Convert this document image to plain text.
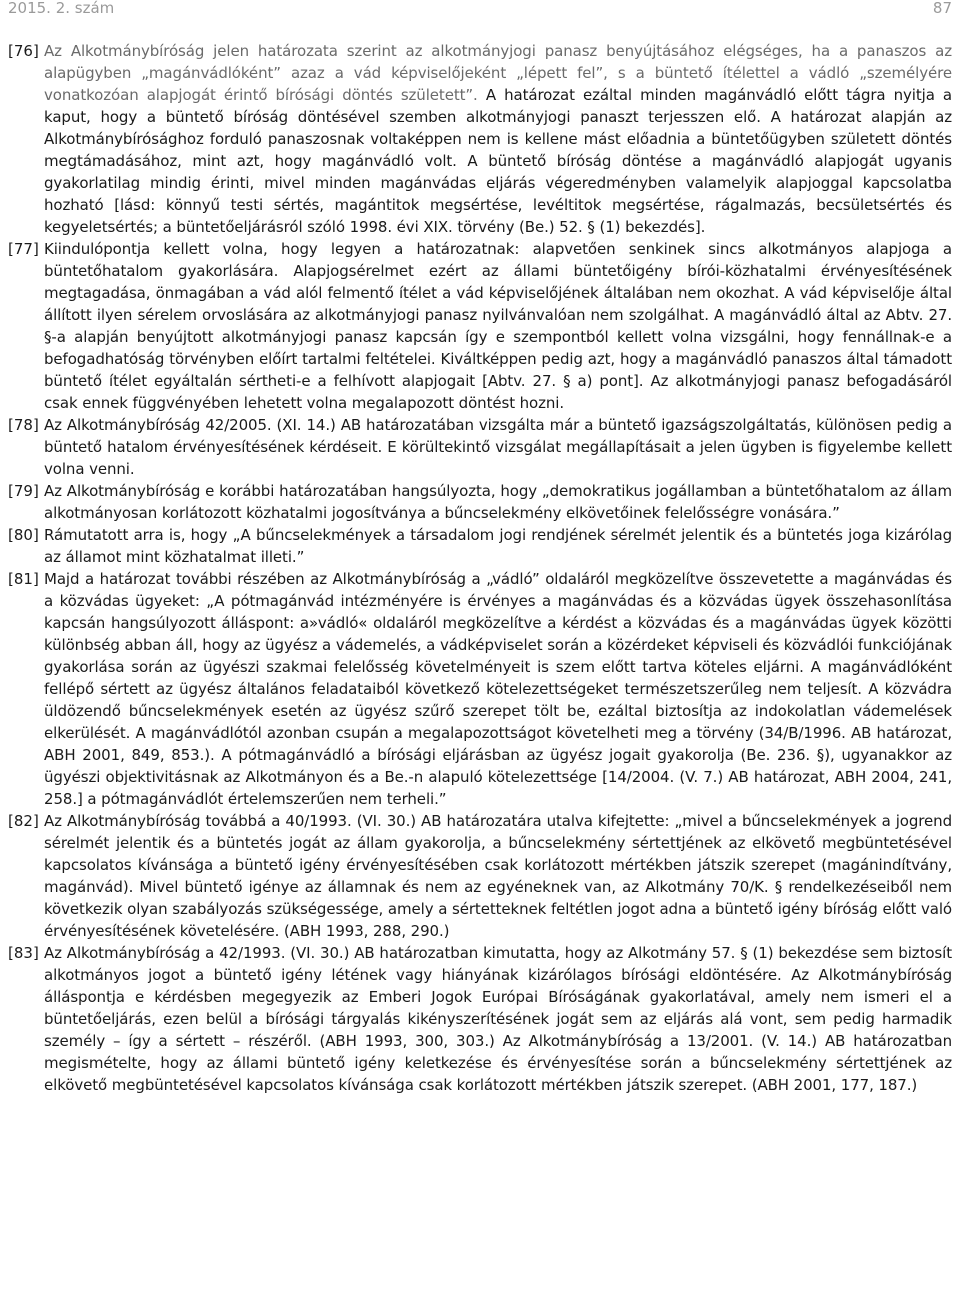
2015. 2. szám	87
[76] Az Alkotmánybíróság jelen határozata szerint az alkotmányjogi panasz benyújtásához elégséges, ha a panaszos az alapügyben „magánvádlóként” azaz a vád képviselőjeként „lépett fel”, s a büntető ítélettel a vádló „személyére vonatkozóan alapjogát érintő bírósági döntés született”. A határozat ezáltal minden magánvádló előtt tágra nyitja a kaput, hogy a büntető bíróság döntésével szemben alkotmányjogi panaszt terjesszen elő. A határozat alapján az Alkotmánybírósághoz forduló panaszosnak voltaképpen nem is kellene mást előadnia a büntetőügyben született döntés megtámadásához, mint azt, hogy magánvádló volt. A büntető bíróság döntése a magánvádló alapjogát ugyanis gyakorlatilag mindig érinti, mivel minden magánvádas eljárás végeredményben valamelyik alapjoggal kapcsolatba hozható [lásd: könnyű testi sértés, magántitok megsértése, levéltitok megsértése, rágalmazás, becsületsértés és kegyeletsértés; a büntetőeljárásról szóló 1998. évi XIX. törvény (Be.) 52. § (1) bekezdés].
[77] Kiindulópontja kellett volna, hogy legyen a határozatnak: alapvetően senkinek sincs alkotmányos alapjoga a büntetőhatalom gyakorlására. Alapjogsérelmet ezért az állami büntetőigény bírói-közhatalmi érvényesítésének megtagadása, önmagában a vád alól felmentő ítélet a vád képviselőjének általában nem okozhat. A vád képviselője által állított ilyen sérelem orvoslására az alkotmányjogi panasz nyilvánvalóan nem szolgálhat. A magánvádló által az Abtv. 27. §-a alapján benyújtott alkotmányjogi panasz kapcsán így e szempontból kellett volna vizsgálni, hogy fennállnak-e a befogadhatóság törvényben előírt tartalmi feltételei. Kiváltképpen pedig azt, hogy a magánvádló panaszos által támadott büntető ítélet egyáltalán sértheti-e a felhívott alapjogait [Abtv. 27. § a) pont]. Az alkotmányjogi panasz befogadásáról csak ennek függvényében lehetett volna megalapozott döntést hozni.
[78] Az Alkotmánybíróság 42/2005. (XI. 14.) AB határozatában vizsgálta már a büntető igazságszolgáltatás, különösen pedig a büntető hatalom érvényesítésének kérdéseit. E körültekintő vizsgálat megállapításait a jelen ügyben is figyelembe kellett volna venni.
[79] Az Alkotmánybíróság e korábbi határozatában hangsúlyozta, hogy „demokratikus jogállamban a büntetőhatalom az állam alkotmányosan korlátozott közhatalmi jogosítványa a bűncselekmény elkövetőinek felelősségre vonására.”
[80] Rámutatott arra is, hogy „A bűncselekmények a társadalom jogi rendjének sérelmét jelentik és a büntetés joga kizárólag az államot mint közhatalmat illeti.”
[81] Majd a határozat további részében az Alkotmánybíróság a „vádló” oldaláról megközelítve összevetette a magánvádas és a közvádas ügyeket: „A pótmagánvád intézményére is érvényes a magánvádas és a közvádas ügyek összehasonlítása kapcsán hangsúlyozott álláspont: a»vádló« oldaláról megközelítve a kérdést a közvádas és a magánvádas ügyek közötti különbség abban áll, hogy az ügyész a vádemelés, a vádképviselet során a közérdeket képviseli és közvádlói funkciójának gyakorlása során az ügyészi szakmai felelősség követelményeit is szem előtt tartva köteles eljárni. A magánvádlóként fellépő sértett az ügyész általános feladataiból következő kötelezettségeket természetszerűleg nem teljesít. A közvádra üldözendő bűncselekmények esetén az ügyész szűrő szerepet tölt be, ezáltal biztosítja az indokolatlan vádemelések elkerülését. A magánvádlótól azonban csupán a megalapozottságot követelheti meg a törvény (34/B/1996. AB határozat, ABH 2001, 849, 853.). A pótmagánvádló a bírósági eljárásban az ügyész jogait gyakorolja (Be. 236. §), ugyanakkor az ügyészi objektivitásnak az Alkotmányon és a Be.-n alapuló kötelezettsége [14/2004. (V. 7.) AB határozat, ABH 2004, 241, 258.] a pótmagánvádlót értelemszerűen nem terheli.”
[82] Az Alkotmánybíróság továbbá a 40/1993. (VI. 30.) AB határozatára utalva kifejtette: „mivel a bűncselekmények a jogrend sérelmét jelentik és a büntetés jogát az állam gyakorolja, a bűncselekmény sértettjének az elkövető megbüntetésével kapcsolatos kívánsága a büntető igény érvényesítésében csak korlátozott mértékben játszik szerepet (magánindítvány, magánvád). Mivel büntető igénye az államnak és nem az egyéneknek van, az Alkotmány 70/K. § rendelkezéseiből nem következik olyan szabályozás szükségessége, amely a sértetteknek feltétlen jogot adna a büntető igény bíróság előtt való érvényesítésének követelésére. (ABH 1993, 288, 290.)
[83] Az Alkotmánybíróság a 42/1993. (VI. 30.) AB határozatban kimutatta, hogy az Alkotmány 57. § (1) bekezdése sem biztosít alkotmányos jogot a büntető igény létének vagy hiányának kizárólagos bírósági eldöntésére. Az Alkotmánybíróság álláspontja e kérdésben megegyezik az Emberi Jogok Európai Bíróságának gyakorlatával, amely nem ismeri el a büntetőeljárás, ezen belül a bírósági tárgyalás kikényszerítésének jogát sem az eljárás alá vont, sem pedig harmadik személy – így a sértett – részéről. (ABH 1993, 300, 303.) Az Alkotmánybíróság a 13/2001. (V. 14.) AB határozatban megismételte, hogy az állami büntető igény keletkezése és érvényesítése során a bűncselekmény sértettjének az elkövető megbüntetésével kapcsolatos kívánsága csak korlátozott mértékben játszik szerepet. (ABH 2001, 177, 187.)
